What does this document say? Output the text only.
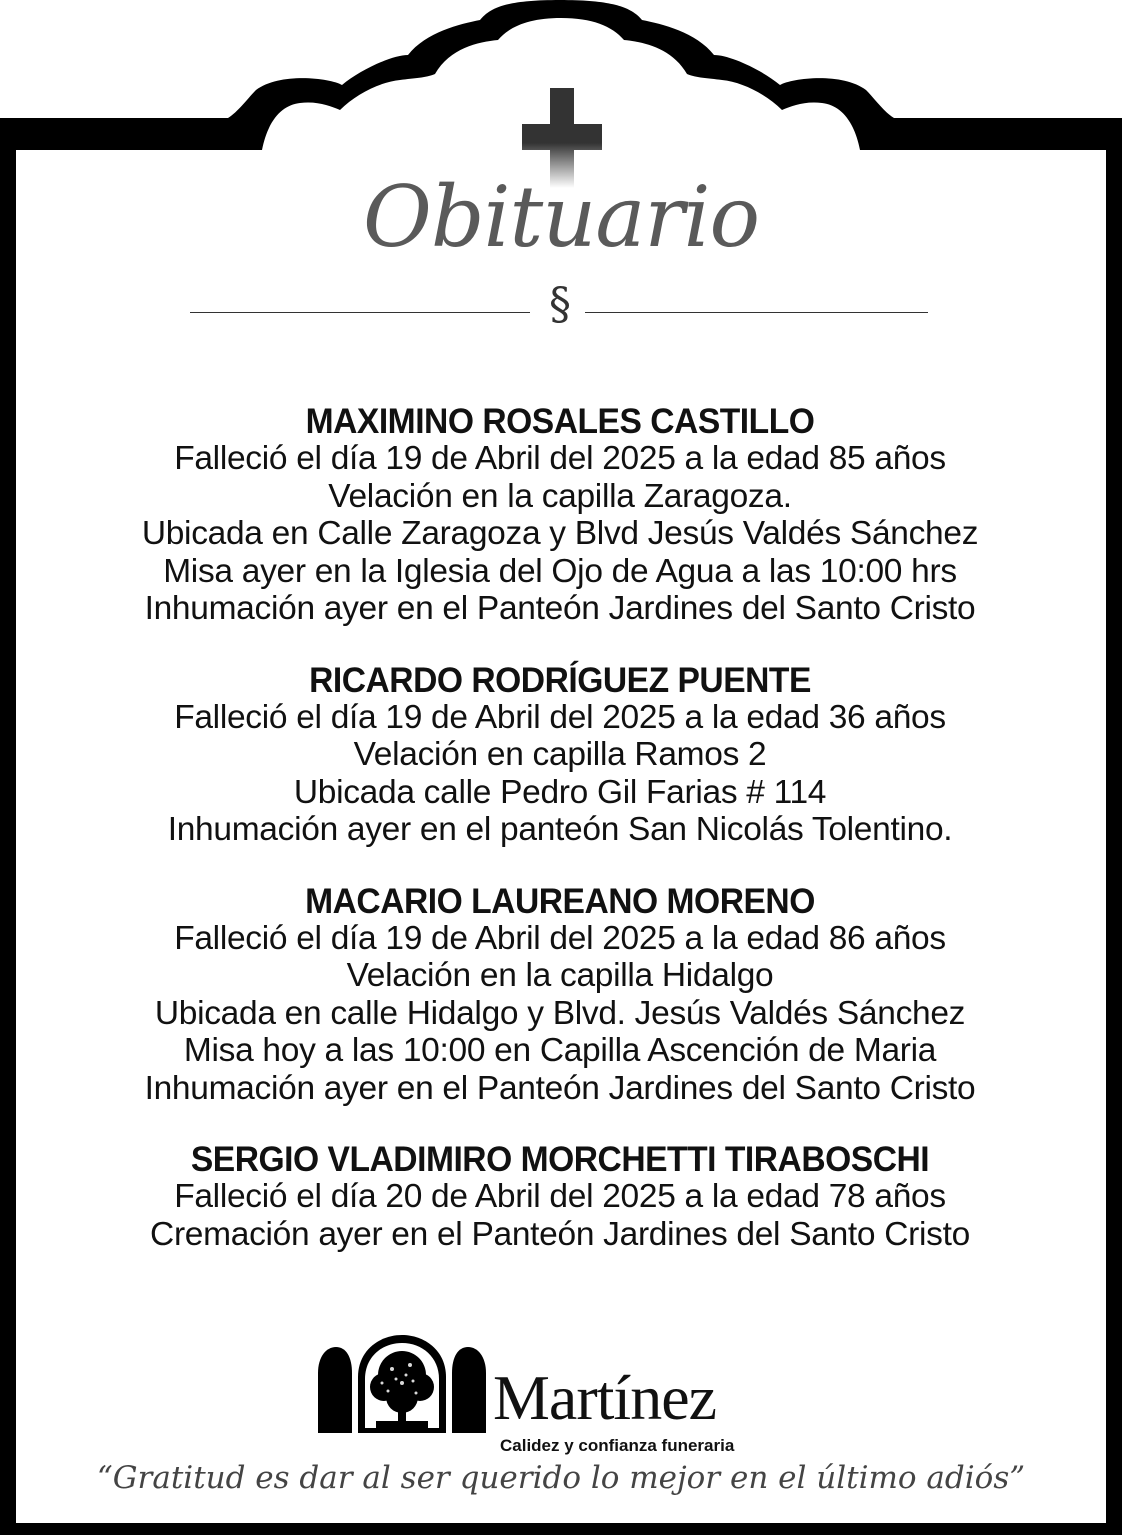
Obituario
§
MAXIMINO ROSALES CASTILLO
Falleció el día 19 de Abril del 2025 a la edad 85 años
Velación en la capilla Zaragoza.
Ubicada en Calle Zaragoza y Blvd Jesús Valdés Sánchez
Misa ayer en la Iglesia del Ojo de Agua a las 10:00 hrs
Inhumación ayer en el Panteón Jardines del Santo Cristo
RICARDO RODRÍGUEZ PUENTE
Falleció el día 19 de Abril del 2025 a la edad 36 años
Velación en capilla Ramos 2
Ubicada calle Pedro Gil Farias # 114
Inhumación ayer en el panteón San Nicolás Tolentino.
MACARIO LAUREANO MORENO
Falleció el día 19 de Abril del 2025 a la edad 86 años
Velación en la capilla Hidalgo
Ubicada en calle Hidalgo y Blvd. Jesús Valdés Sánchez
Misa hoy a las 10:00 en Capilla Ascención de Maria
Inhumación ayer en el Panteón Jardines del Santo Cristo
SERGIO VLADIMIRO MORCHETTI TIRABOSCHI
Falleció el día 20 de Abril del 2025 a la edad 78 años
Cremación ayer en el Panteón Jardines del Santo Cristo
Martínez
Calidez y confianza funeraria
“Gratitud es dar al ser querido lo mejor en el último adiós”
